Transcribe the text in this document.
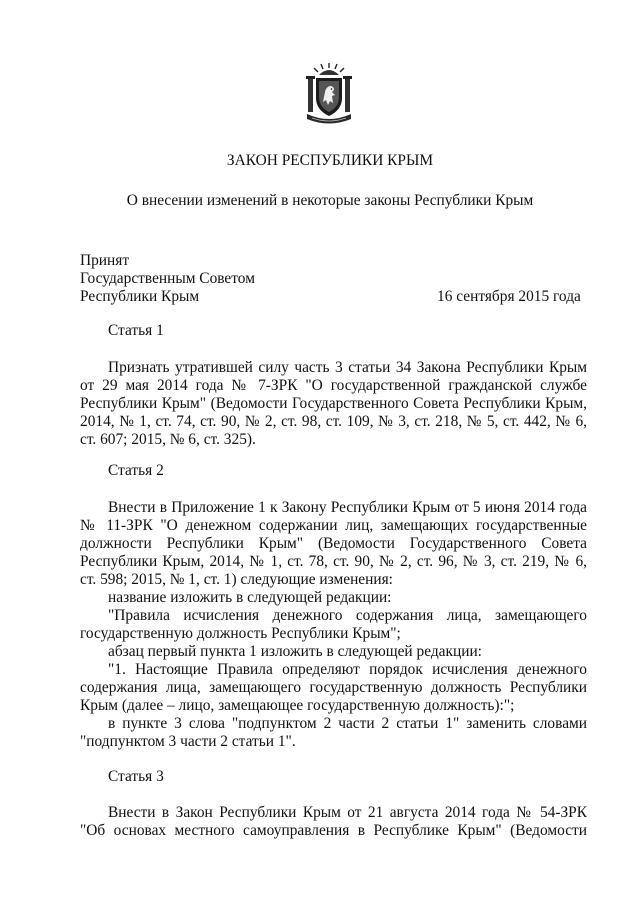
ЗАКОН РЕСПУБЛИКИ КРЫМ
О внесении изменений в некоторые законы Республики Крым
Принят
Государственным Советом
Республики Крым	16 сентября 2015 года
Статья 1
Признать утратившей силу часть 3 статьи 34 Закона Республики Крым
от 29 мая 2014 года № 7-ЗРК "О государственной гражданской службе
Республики Крым" (Ведомости Государственного Совета Республики Крым,
2014, № 1, ст. 74, ст. 90, № 2, ст. 98, ст. 109, № 3, ст. 218, № 5, ст. 442, № 6,
ст. 607; 2015, № 6, ст. 325).
Статья 2
Внести в Приложение 1 к Закону Республики Крым от 5 июня 2014 года
№ 11-ЗРК "О денежном содержании лиц, замещающих государственные
должности Республики Крым" (Ведомости Государственного Совета
Республики Крым, 2014, № 1, ст. 78, ст. 90, № 2, ст. 96, № 3, ст. 219, № 6,
ст. 598; 2015, № 1, ст. 1) следующие изменения:
название изложить в следующей редакции:
"Правила исчисления денежного содержания лица, замещающего
государственную должность Республики Крым";
абзац первый пункта 1 изложить в следующей редакции:
"1. Настоящие Правила определяют порядок исчисления денежного
содержания лица, замещающего государственную должность Республики
Крым (далее – лицо, замещающее государственную должность):";
в пункте 3 слова "подпунктом 2 части 2 статьи 1" заменить словами
"подпунктом 3 части 2 статьи 1".
Статья 3
Внести в Закон Республики Крым от 21 августа 2014 года № 54-ЗРК
"Об основах местного самоуправления в Республике Крым" (Ведомости
